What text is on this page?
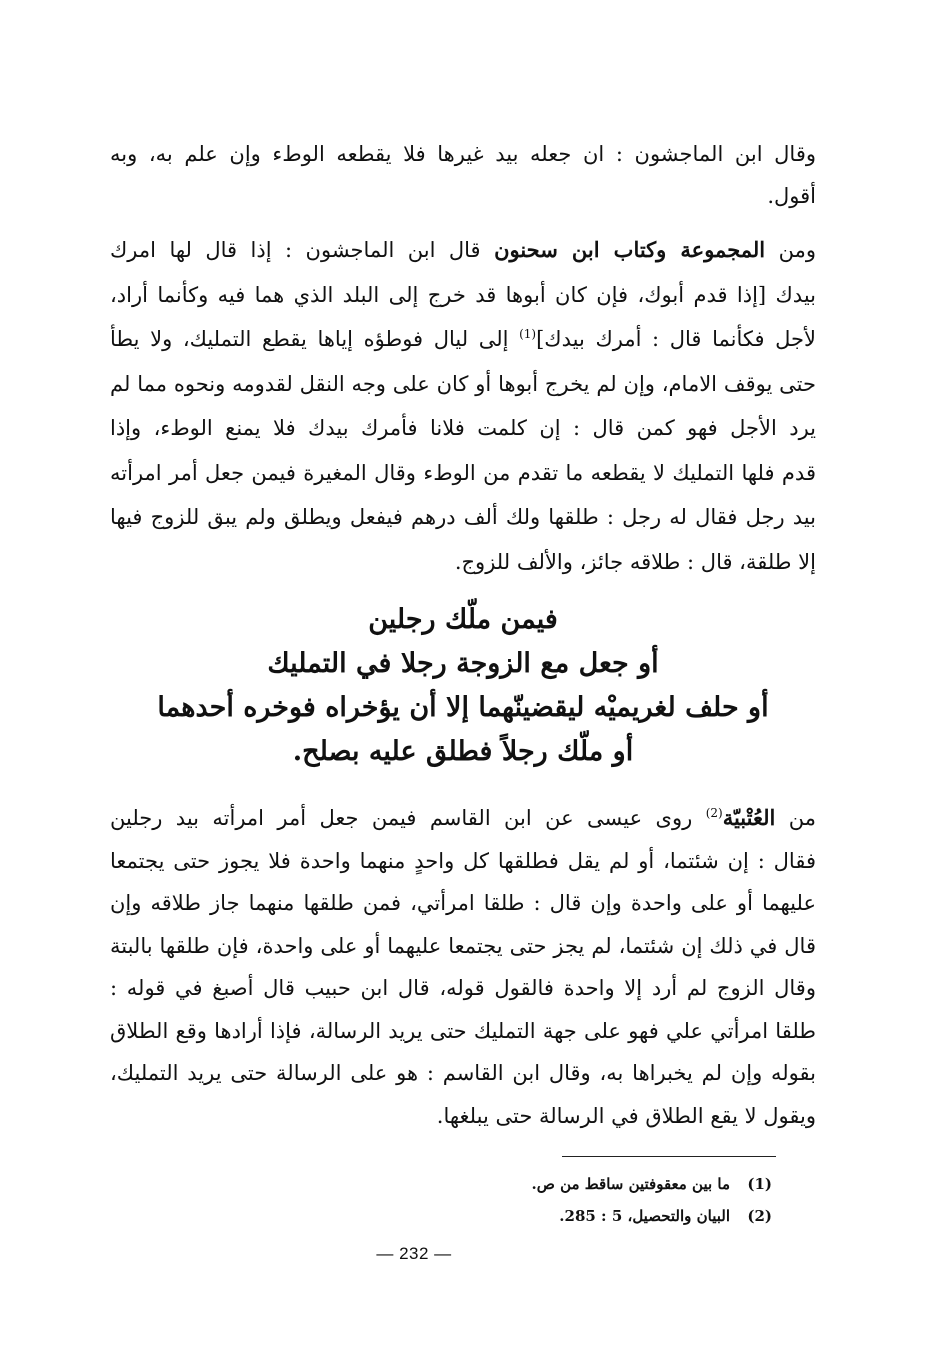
وقال ابن الماجشون : ان جعله بيد غيرها فلا يقطعه الوطء وإن علم به، وبه
أقول.
ومن المجموعة وكتاب ابن سحنون قال ابن الماجشون : إذا قال لها امرك
بيدك [إذا قدم أبوك، فإن كان أبوها قد خرج إلى البلد الذي هما فيه وكأنما أراد،
لأجل فكأنما قال : أمرك بيدك]$^{(1)}$ إلى ليال فوطؤه إياها يقطع التمليك، ولا يطأ
حتى يوقف الامام، وإن لم يخرج أبوها أو كان على وجه النقل لقدومه ونحوه مما لم
يرد الأجل فهو كمن قال : إن كلمت فلانا فأمرك بيدك فلا يمنع الوطء، وإذا
قدم فلها التمليك لا يقطعه ما تقدم من الوطء وقال المغيرة فيمن جعل أمر امرأته
بيد رجل فقال له رجل : طلقها ولك ألف درهم فيفعل ويطلق ولم يبق للزوج فيها
إلا طلقة، قال : طلاقه جائز، والألف للزوج.
فيمن ملّك رجلين
أو جعل مع الزوجة رجلا في التمليك
أو حلف لغريميْه ليقضينّهما إلا أن يؤخراه فوخره أحدهما
أو ملّك رجلاً فطلق عليه بصلح.
من العُتْبيّة$^{(2)}$ روى عيسى عن ابن القاسم فيمن جعل أمر امرأته بيد رجلين
فقال : إن شئتما، أو لم يقل فطلقها كل واحدٍ منهما واحدة فلا يجوز حتى يجتمعا
عليهما أو على واحدة وإن قال : طلقا امرأتي، فمن طلقها منهما جاز طلاقه وإن
قال في ذلك إن شئتما، لم يجز حتى يجتمعا عليهما أو على واحدة، فإن طلقها بالبتة
وقال الزوج لم أرد إلا واحدة فالقول قوله، قال ابن حبيب قال أصبغ في قوله :
طلقا امرأتي علي فهو على جهة التمليك حتى يريد الرسالة، فإذا أرادها وقع الطلاق
بقوله وإن لم يخبراها به، وقال ابن القاسم : هو على الرسالة حتى يريد التمليك،
ويقول لا يقع الطلاق في الرسالة حتى يبلغها.
(1)ما بين معقوفتين ساقط من ص.
(2)البيان والتحصيل، 5 : 285.
— 232 —
